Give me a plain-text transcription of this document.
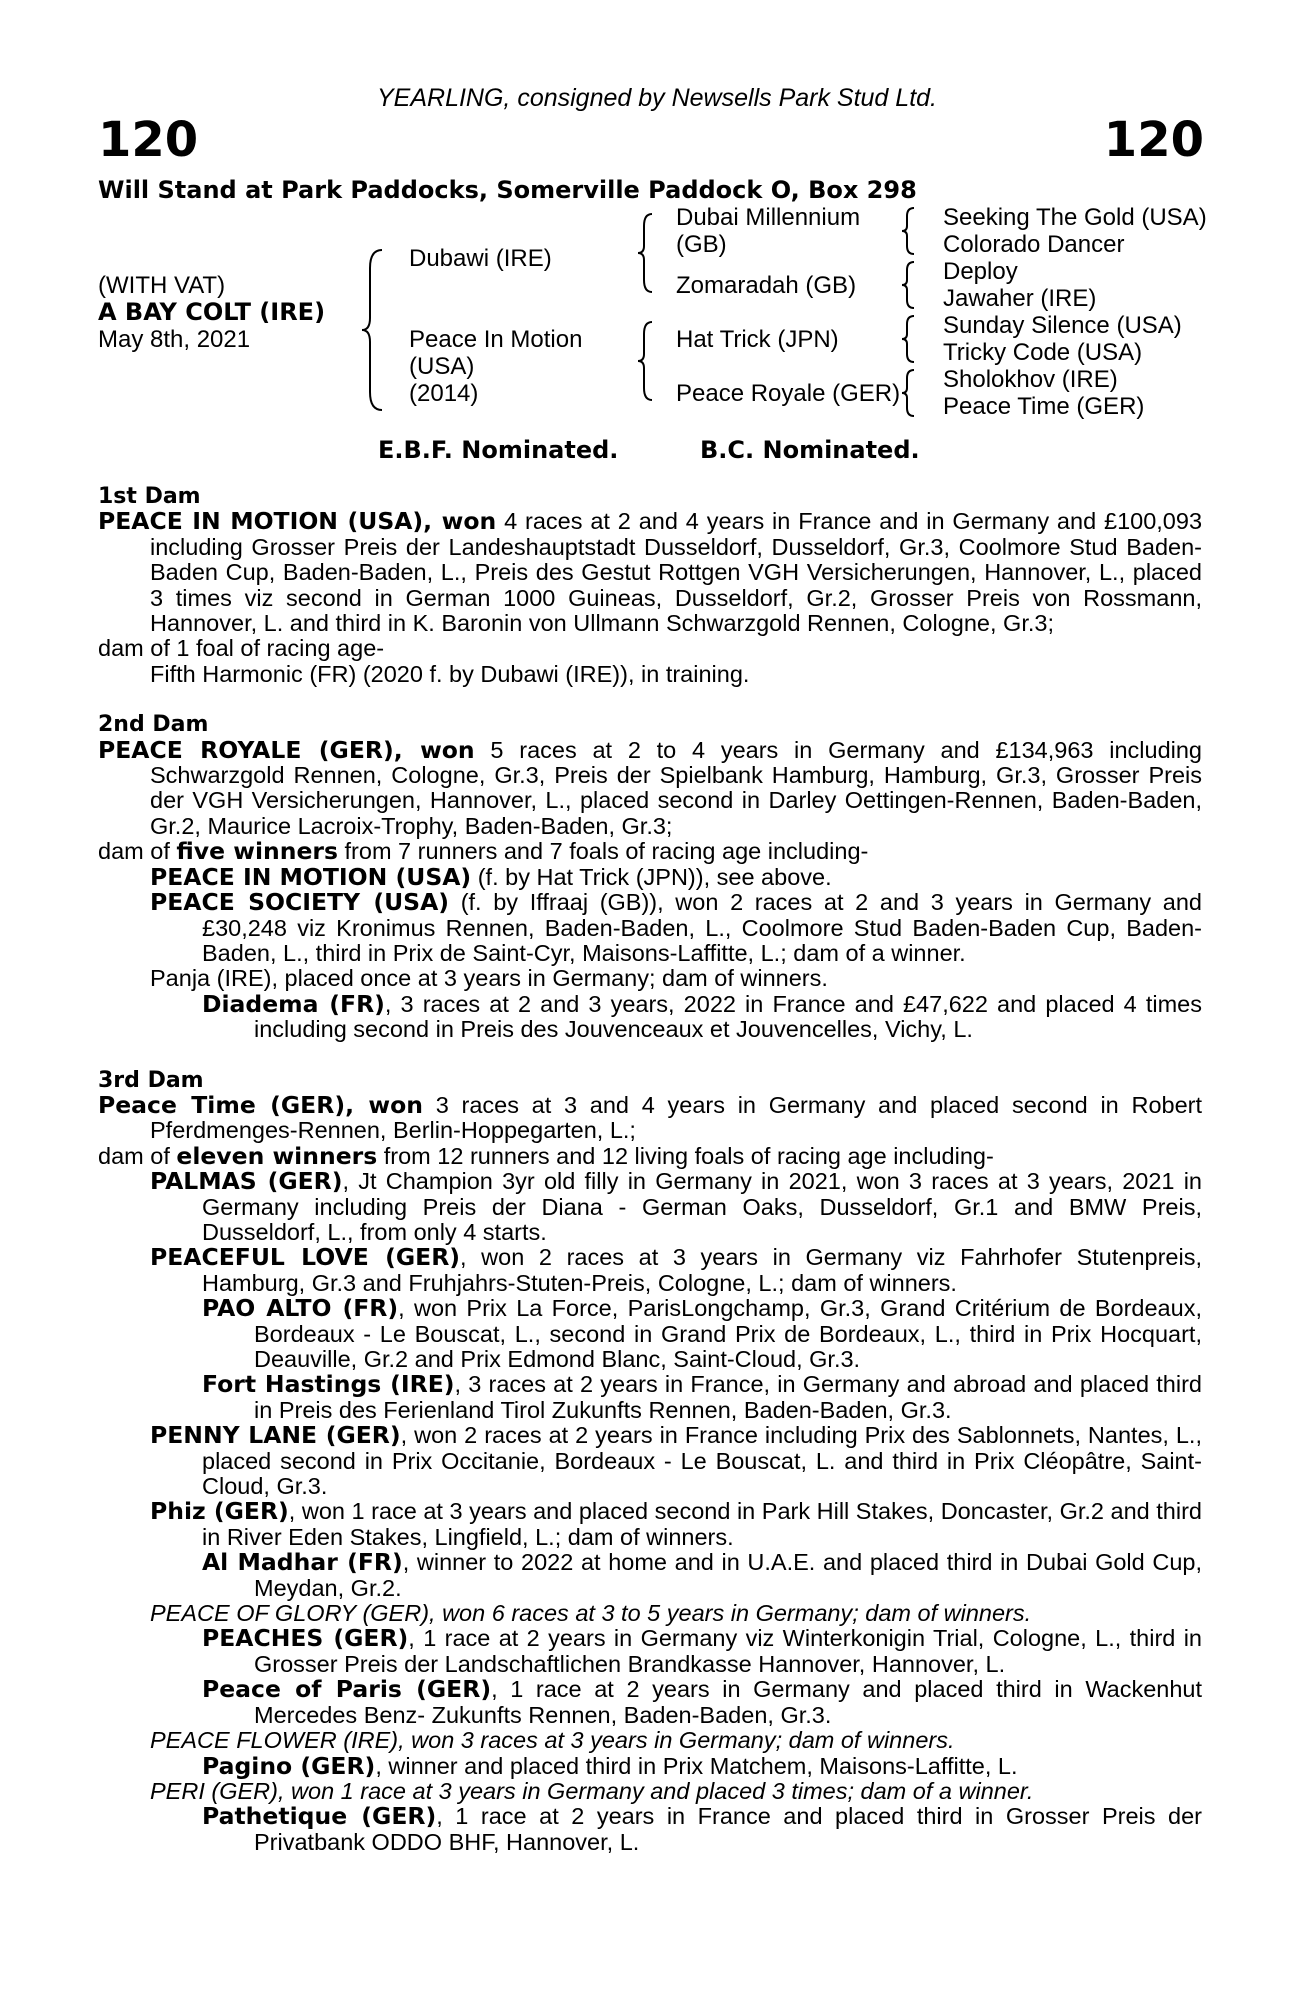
YEARLING, consigned by Newsells Park Stud Ltd.
120	120
Will Stand at Park Paddocks, Somerville Paddock O, Box 298
(WITH VAT)
A BAY COLT (IRE)
May 8th, 2021
Dubawi (IRE)
Peace In Motion
(USA)
(2014)
Dubai Millennium
(GB)
Zomaradah (GB)
Hat Trick (JPN)
Peace Royale (GER)
Seeking The Gold (USA)
Colorado Dancer
Deploy
Jawaher (IRE)
Sunday Silence (USA)
Tricky Code (USA)
Sholokhov (IRE)
Peace Time (GER)
E.B.F. Nominated.	B.C. Nominated.
1st Dam

PEACE IN MOTION (USA), won 4 races at 2 and 4 years in France and in Germany and £100,093 including Grosser Preis der Landeshauptstadt Dusseldorf, Dusseldorf, Gr.3, Coolmore Stud Baden-Baden Cup, Baden-Baden, L., Preis des Gestut Rottgen VGH Versicherungen, Hannover, L., placed 3 times viz second in German 1000 Guineas, Dusseldorf, Gr.2, Grosser Preis von Rossmann, Hannover, L. and third in K. Baronin von Ullmann Schwarzgold Rennen, Cologne, Gr.3;

dam of 1 foal of racing age-

Fifth Harmonic (FR) (2020 f. by Dubawi (IRE)), in training.

2nd Dam

PEACE ROYALE (GER), won 5 races at 2 to 4 years in Germany and £134,963 including Schwarzgold Rennen, Cologne, Gr.3, Preis der Spielbank Hamburg, Hamburg, Gr.3, Grosser Preis der VGH Versicherungen, Hannover, L., placed second in Darley Oettingen-Rennen, Baden-Baden, Gr.2, Maurice Lacroix-Trophy, Baden-Baden, Gr.3;

dam of five winners from 7 runners and 7 foals of racing age including-

PEACE IN MOTION (USA) (f. by Hat Trick (JPN)), see above.

PEACE SOCIETY (USA) (f. by Iffraaj (GB)), won 2 races at 2 and 3 years in Germany and £30,248 viz Kronimus Rennen, Baden-Baden, L., Coolmore Stud Baden-Baden Cup, Baden-Baden, L., third in Prix de Saint-Cyr, Maisons-Laffitte, L.; dam of a winner.

Panja (IRE), placed once at 3 years in Germany; dam of winners.

Diadema (FR), 3 races at 2 and 3 years, 2022 in France and £47,622 and placed 4 times including second in Preis des Jouvenceaux et Jouvencelles, Vichy, L.

3rd Dam

Peace Time (GER), won 3 races at 3 and 4 years in Germany and placed second in Robert Pferdmenges-Rennen, Berlin-Hoppegarten, L.;

dam of eleven winners from 12 runners and 12 living foals of racing age including-

PALMAS (GER), Jt Champion 3yr old filly in Germany in 2021, won 3 races at 3 years, 2021 in Germany including Preis der Diana - German Oaks, Dusseldorf, Gr.1 and BMW Preis, Dusseldorf, L., from only 4 starts.

PEACEFUL LOVE (GER), won 2 races at 3 years in Germany viz Fahrhofer Stutenpreis, Hamburg, Gr.3 and Fruhjahrs-Stuten-Preis, Cologne, L.; dam of winners.

PAO ALTO (FR), won Prix La Force, ParisLongchamp, Gr.3, Grand Critérium de Bordeaux, Bordeaux - Le Bouscat, L., second in Grand Prix de Bordeaux, L., third in Prix Hocquart, Deauville, Gr.2 and Prix Edmond Blanc, Saint-Cloud, Gr.3.

Fort Hastings (IRE), 3 races at 2 years in France, in Germany and abroad and placed third in Preis des Ferienland Tirol Zukunfts Rennen, Baden-Baden, Gr.3.

PENNY LANE (GER), won 2 races at 2 years in France including Prix des Sablonnets, Nantes, L., placed second in Prix Occitanie, Bordeaux - Le Bouscat, L. and third in Prix Cléopâtre, Saint-Cloud, Gr.3.

Phiz (GER), won 1 race at 3 years and placed second in Park Hill Stakes, Doncaster, Gr.2 and third in River Eden Stakes, Lingfield, L.; dam of winners.

Al Madhar (FR), winner to 2022 at home and in U.A.E. and placed third in Dubai Gold Cup, Meydan, Gr.2.

PEACE OF GLORY (GER), won 6 races at 3 to 5 years in Germany; dam of winners.

PEACHES (GER), 1 race at 2 years in Germany viz Winterkonigin Trial, Cologne, L., third in Grosser Preis der Landschaftlichen Brandkasse Hannover, Hannover, L.

Peace of Paris (GER), 1 race at 2 years in Germany and placed third in Wackenhut Mercedes Benz- Zukunfts Rennen, Baden-Baden, Gr.3.

PEACE FLOWER (IRE), won 3 races at 3 years in Germany; dam of winners.

Pagino (GER), winner and placed third in Prix Matchem, Maisons-Laffitte, L.

PERI (GER), won 1 race at 3 years in Germany and placed 3 times; dam of a winner.

Pathetique (GER), 1 race at 2 years in France and placed third in Grosser Preis der Privatbank ODDO BHF, Hannover, L.
